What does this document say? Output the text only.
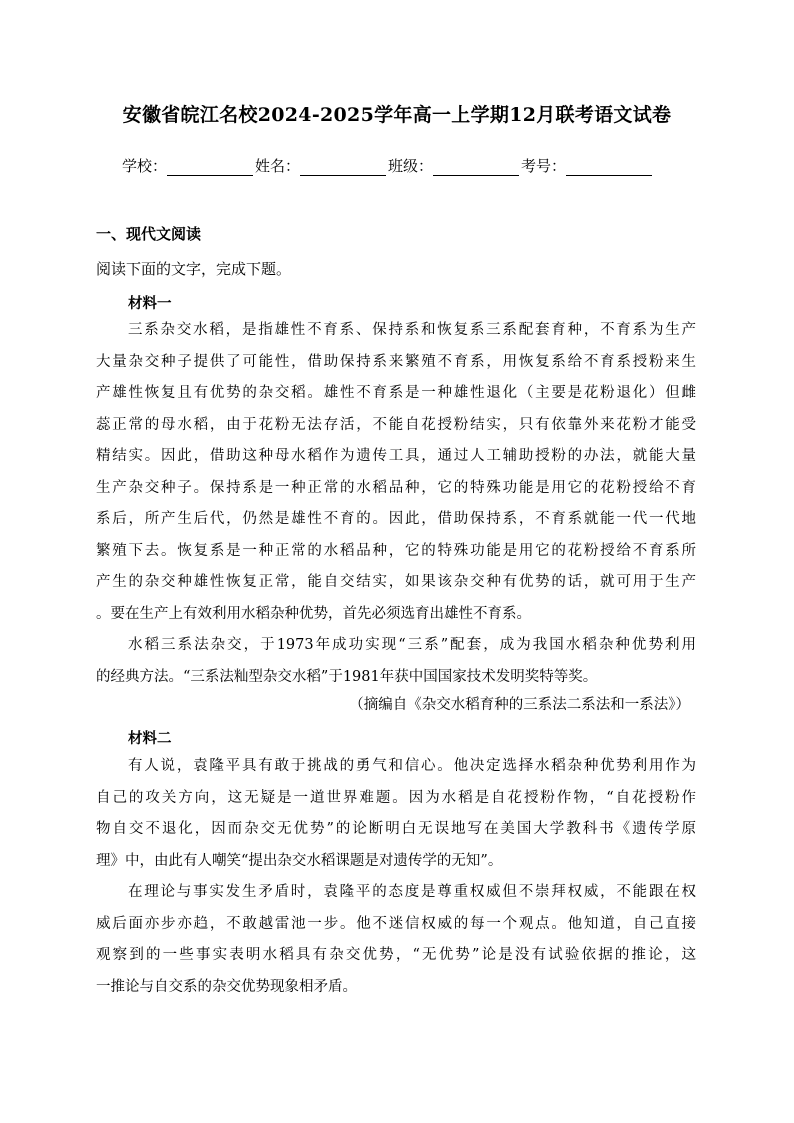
安徽省皖江名校2024-2025学年高一上学期12月联考语文试卷
学校：	姓名：	班级：	考号：
一、现代文阅读
阅读下面的文字，完成下题。
材料一
三系杂交水稻，是指雄性不育系、保持系和恢复系三系配套育种，不育系为生产
大量杂交种子提供了可能性，借助保持系来繁殖不育系，用恢复系给不育系授粉来生
产雄性恢复且有优势的杂交稻。雄性不育系是一种雄性退化（主要是花粉退化）但雌
蕊正常的母水稻，由于花粉无法存活，不能自花授粉结实，只有依靠外来花粉才能受
精结实。因此，借助这种母水稻作为遗传工具，通过人工辅助授粉的办法，就能大量
生产杂交种子。保持系是一种正常的水稻品种，它的特殊功能是用它的花粉授给不育
系后，所产生后代，仍然是雄性不育的。因此，借助保持系，不育系就能一代一代地
繁殖下去。恢复系是一种正常的水稻品种，它的特殊功能是用它的花粉授给不育系所
产生的杂交种雄性恢复正常，能自交结实，如果该杂交种有优势的话，就可用于生产
。要在生产上有效利用水稻杂种优势，首先必须选育出雄性不育系。
水稻三系法杂交，于1973年成功实现“三系”配套，成为我国水稻杂种优势利用
的经典方法。“三系法籼型杂交水稻”于1981年获中国国家技术发明奖特等奖。
（摘编自《杂交水稻育种的三系法二系法和一系法》）
材料二
有人说，袁隆平具有敢于挑战的勇气和信心。他决定选择水稻杂种优势利用作为
自己的攻关方向，这无疑是一道世界难题。因为水稻是自花授粉作物，“自花授粉作
物自交不退化，因而杂交无优势”的论断明白无误地写在美国大学教科书《遗传学原
理》中，由此有人嘲笑“提出杂交水稻课题是对遗传学的无知”。
在理论与事实发生矛盾时，袁隆平的态度是尊重权威但不崇拜权威，不能跟在权
威后面亦步亦趋，不敢越雷池一步。他不迷信权威的每一个观点。他知道，自己直接
观察到的一些事实表明水稻具有杂交优势，“无优势”论是没有试验依据的推论，这
一推论与自交系的杂交优势现象相矛盾。
